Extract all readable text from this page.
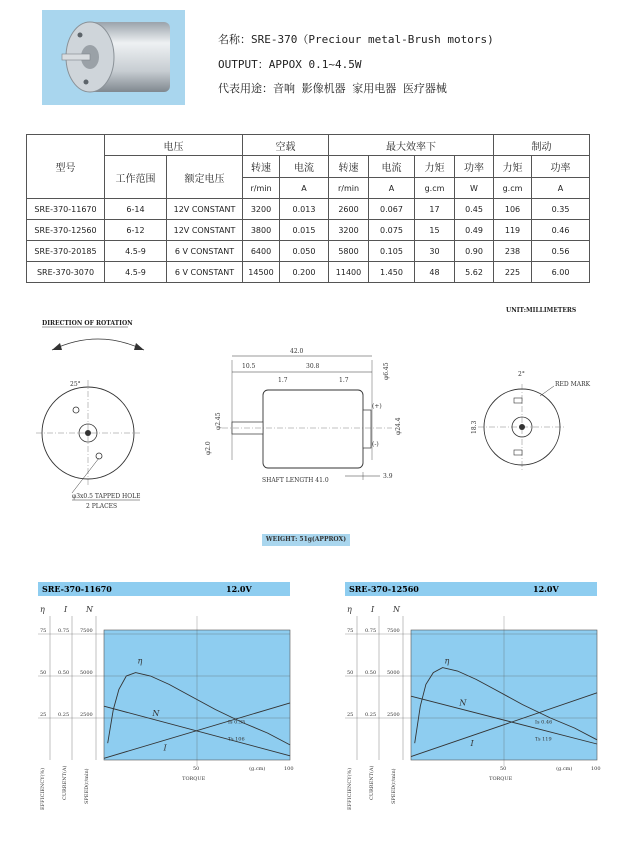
名称：SRE-370（Preciour metal-Brush motors)
OUTPUT：APPOX 0.1~4.5W
代表用途：音响 影像机器 家用电器 医疗器械
型号	电压		空载		最大效率下				制动	
	工作范围	额定电压	转速	电流	转速	电流	力矩	功率	力矩	功率
			r/min	A	r/min	A	g.cm	W	g.cm	A
SRE-370-11670	6-14	12V CONSTANT	3200	0.013	2600	0.067	17	0.45	106	0.35
SRE-370-12560	6-12	12V CONSTANT	3800	0.015	3200	0.075	15	0.49	119	0.46
SRE-370-20185	4.5-9	6 V CONSTANT	6400	0.050	5800	0.105	30	0.90	238	0.56
SRE-370-3070	4.5-9	6 V CONSTANT	14500	0.200	11400	1.450	48	5.62	225	6.00
DIRECTION OF ROTATION
25°
φ3x0.5 TAPPED HOLE
2 PLACES
42.0
10.5	30.8
1.7	1.7
φ6.45
(+)
(-)
φ2.45
φ2.0
φ24.4
3.9
SHAFT LENGTH 41.0
UNIT:MILLIMETERS
2°
RED MARK
18.3
WEIGHT: 51g(APPROX)
SRE-370-11670	12.0V
η I N
75 0.75 7500
50 0.50 5000
25 0.25 2500
50	100
(g.cm)
TORQUE
EFFICIENCY(%)	CURRENT(A)	SPEED(r/min)
η
N
I
Is 0.35
Ts 106
SRE-370-12560	12.0V
η I N
75 0.75 7500
50 0.50 5000
25 0.25 2500
50	100
(g.cm)
TORQUE
EFFICIENCY(%)	CURRENT(A)	SPEED(r/min)
η
N
I
Is 0.46
Ts 119
